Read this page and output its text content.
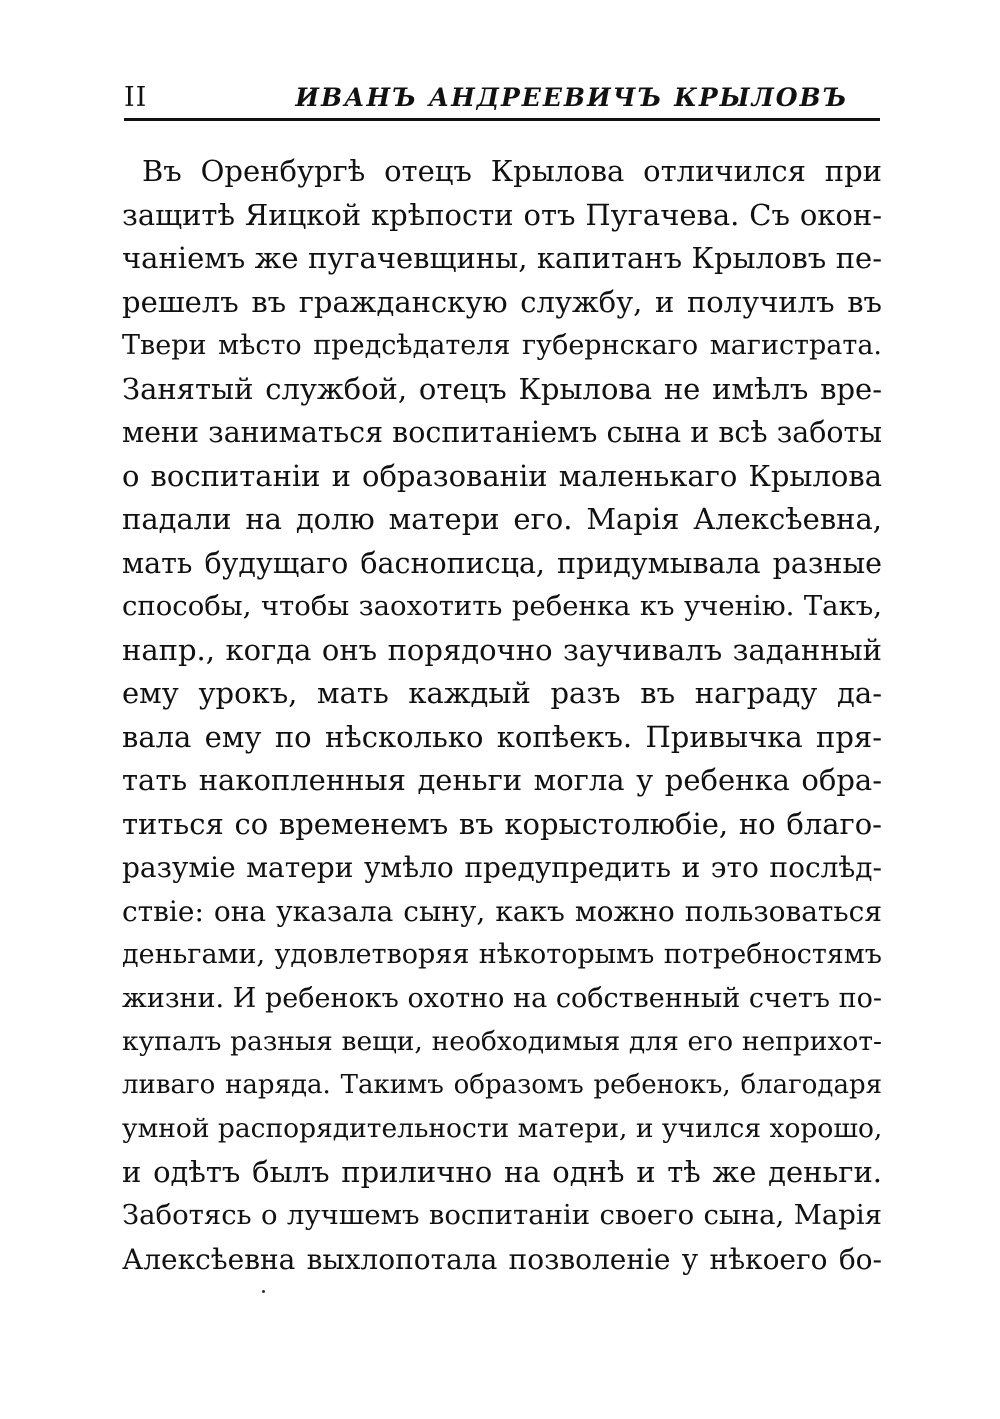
II	ИВАНЪ АНДРЕЕВИЧЪ КРЫЛОВЪ
Въ Оренбургѣ отецъ Крылова отличился при
защитѣ Яицкой крѣпости отъ Пугачева. Съ окон-
чаніемъ же пугачевщины, капитанъ Крыловъ пе-
решелъ въ гражданскую службу, и получилъ въ
Твери мѣсто предсѣдателя губернскаго магистрата.
Занятый службой, отецъ Крылова не имѣлъ вре-
мени заниматься воспитаніемъ сына и всѣ заботы
о воспитаніи и образованіи маленькаго Крылова
падали на долю матери его. Марія Алексѣевна,
мать будущаго баснописца, придумывала разные
способы, чтобы заохотить ребенка къ ученію. Такъ,
напр., когда онъ порядочно заучивалъ заданный
ему урокъ, мать каждый разъ въ награду да-
вала ему по нѣсколько копѣекъ. Привычка пря-
тать накопленныя деньги могла у ребенка обра-
титься со временемъ въ корыстолюбіе, но благо-
разуміе матери умѣло предупредить и это послѣд-
ствіе: она указала сыну, какъ можно пользоваться
деньгами, удовлетворяя нѣкоторымъ потребностямъ
жизни. И ребенокъ охотно на собственный счетъ по-
купалъ разныя вещи, необходимыя для его неприхот-
ливаго наряда. Такимъ образомъ ребенокъ, благодаря
умной распорядительности матери, и учился хорошо,
и одѣтъ былъ прилично на однѣ и тѣ же деньги.
Заботясь о лучшемъ воспитаніи своего сына, Марія
Алексѣевна выхлопотала позволеніе у нѣкоего бо-
